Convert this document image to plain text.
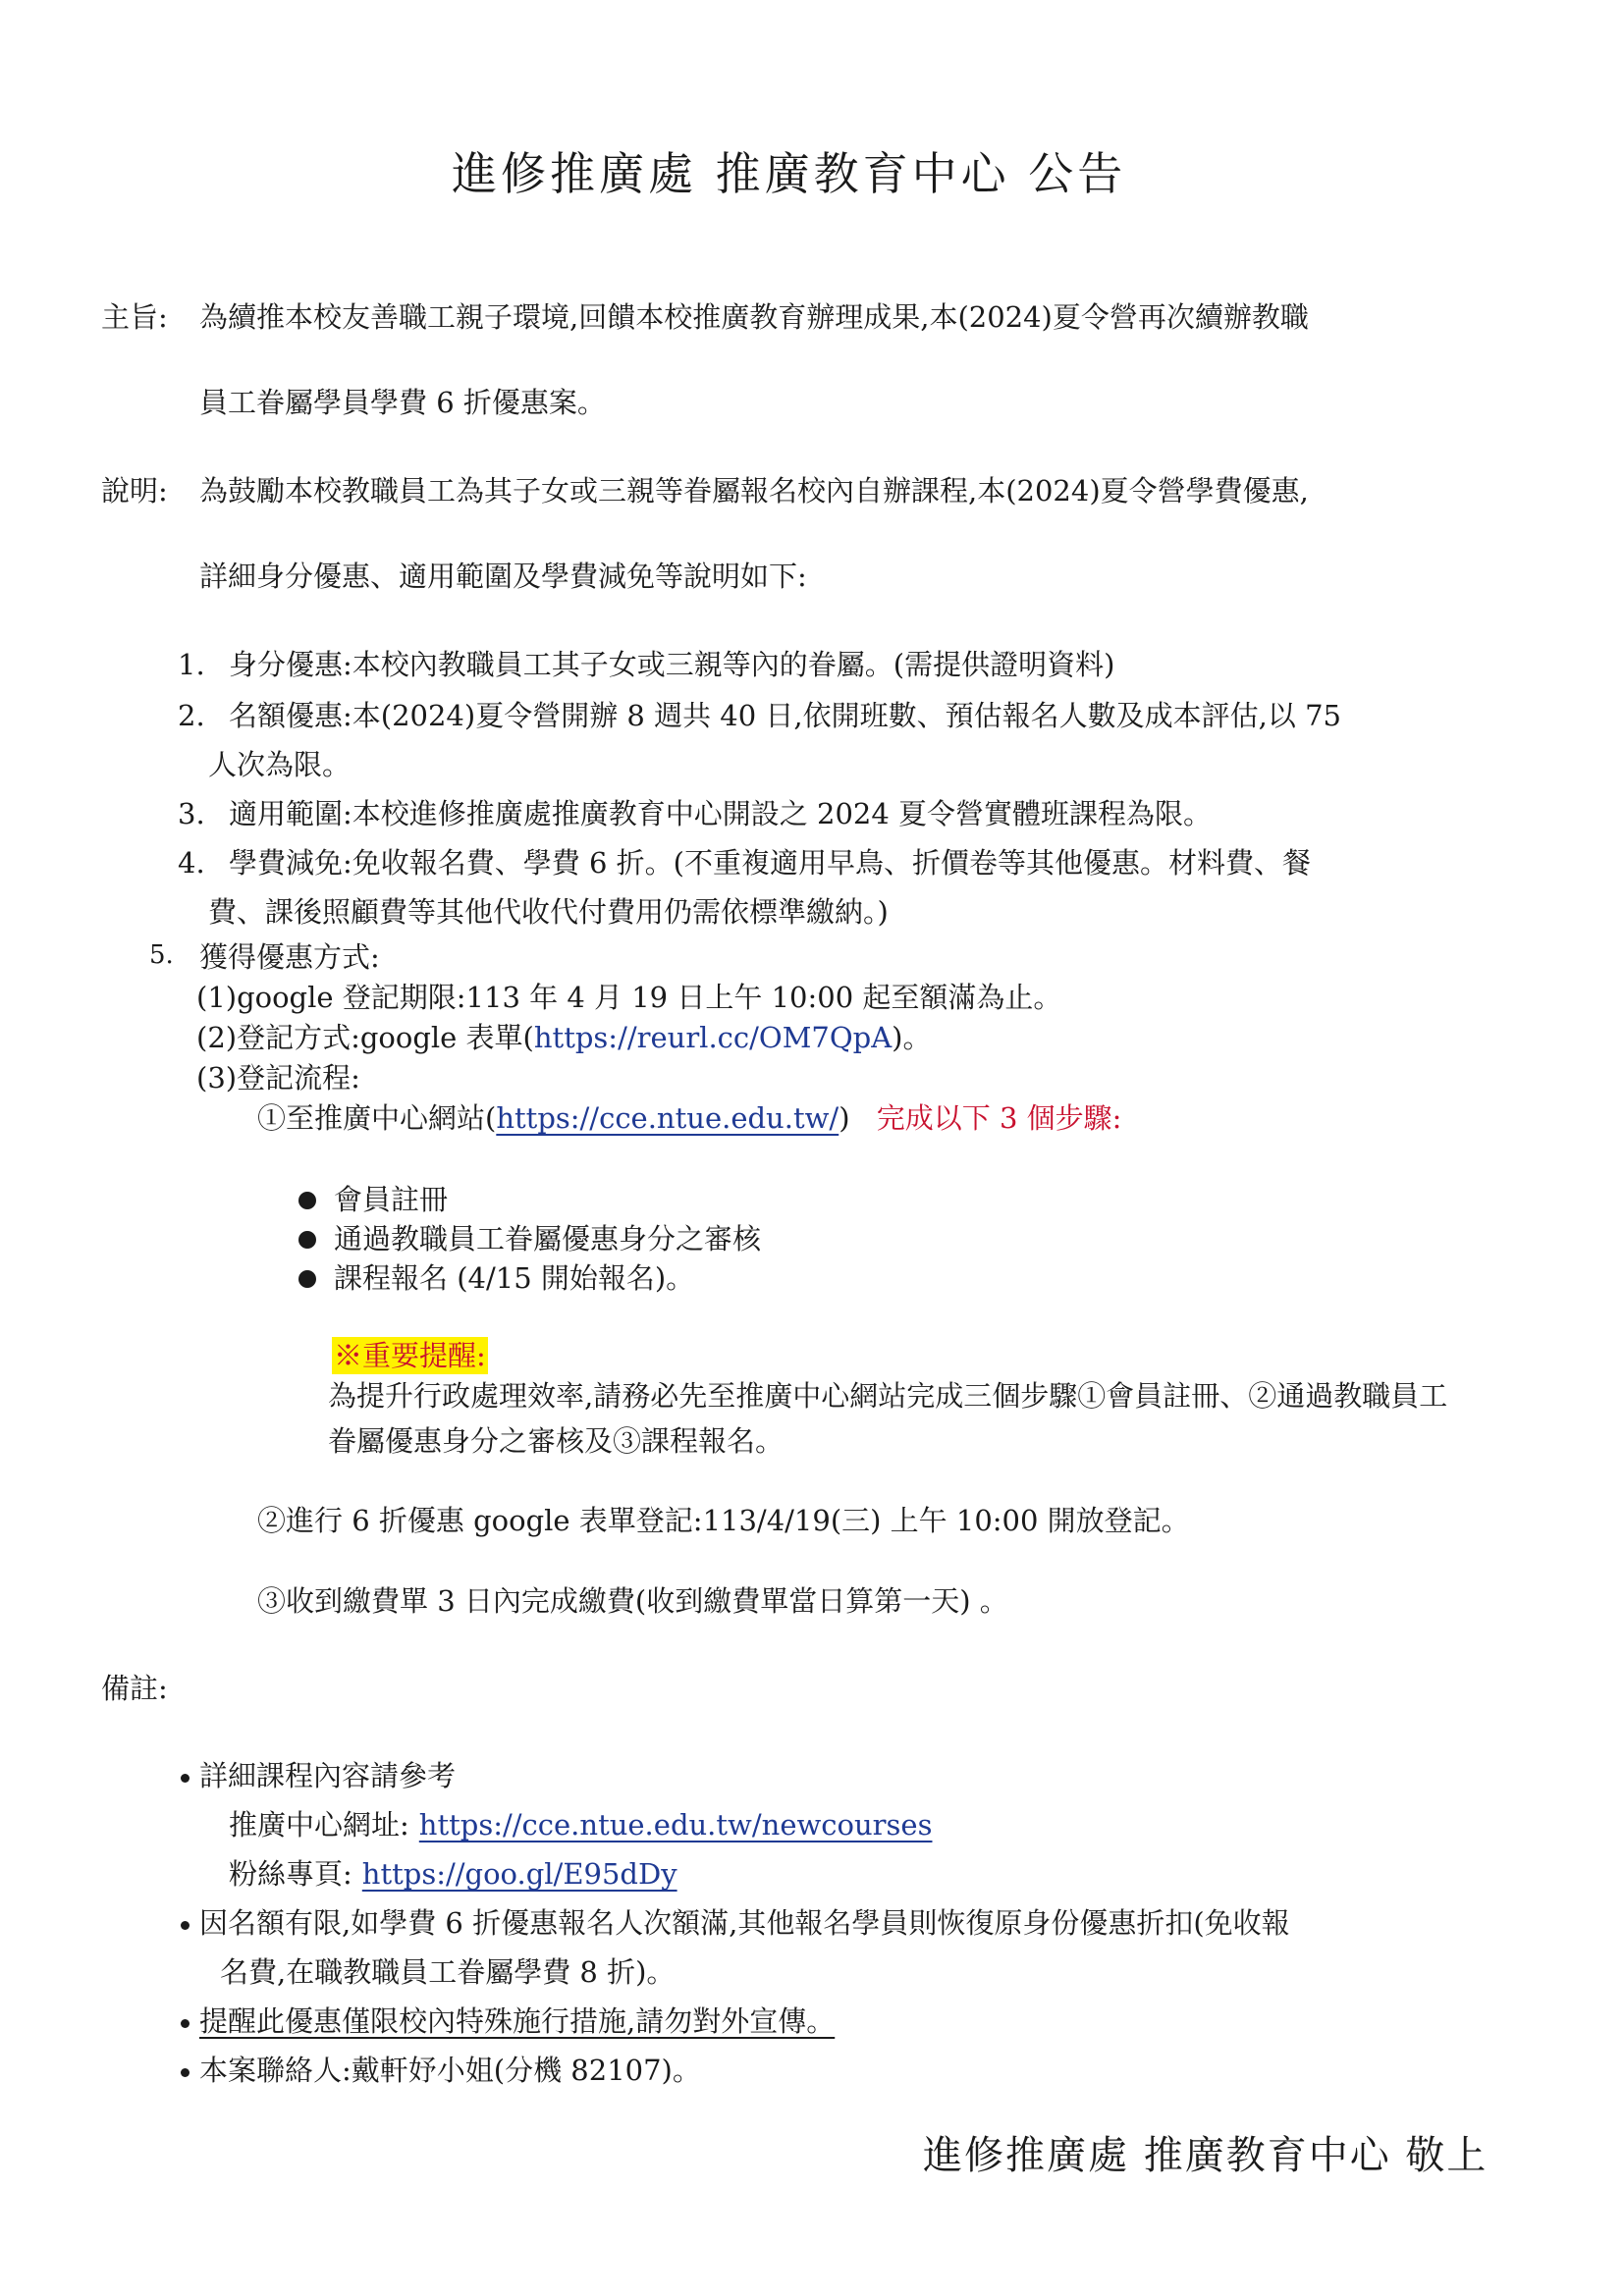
進修推廣處 推廣教育中心 公告
主旨: 為續推本校友善職工親子環境,回饋本校推廣教育辦理成果,本(2024)夏令營再次續辦教職
員工眷屬學員學費 6 折優惠案。
說明: 為鼓勵本校教職員工為其子女或三親等眷屬報名校內自辦課程,本(2024)夏令營學費優惠,
詳細身分優惠、適用範圍及學費減免等說明如下:
1. 身分優惠:本校內教職員工其子女或三親等內的眷屬。(需提供證明資料)
2. 名額優惠:本(2024)夏令營開辦 8 週共 40 日,依開班數、預估報名人數及成本評估,以 75
人次為限。
3. 適用範圍:本校進修推廣處推廣教育中心開設之 2024 夏令營實體班課程為限。
4. 學費減免:免收報名費、學費 6 折。(不重複適用早鳥、折價卷等其他優惠。材料費、餐
費、課後照顧費等其他代收代付費用仍需依標準繳納。)
5. 獲得優惠方式:
(1)google 登記期限:113 年 4 月 19 日上午 10:00 起至額滿為止。
(2)登記方式:google 表單(https://reurl.cc/OM7QpA)。
(3)登記流程:
①至推廣中心網站(https://cce.ntue.edu.tw/) 完成以下 3 個步驟:
會員註冊
通過教職員工眷屬優惠身分之審核
課程報名 (4/15 開始報名)。
※重要提醒:
為提升行政處理效率,請務必先至推廣中心網站完成三個步驟①會員註冊、②通過教職員工
眷屬優惠身分之審核及③課程報名。
②進行 6 折優惠 google 表單登記:113/4/19(三) 上午 10:00 開放登記。
③收到繳費單 3 日內完成繳費(收到繳費單當日算第一天) 。
備註:
詳細課程內容請參考
推廣中心網址: https://cce.ntue.edu.tw/newcourses
粉絲專頁: https://goo.gl/E95dDy
因名額有限,如學費 6 折優惠報名人次額滿,其他報名學員則恢復原身份優惠折扣(免收報
名費,在職教職員工眷屬學費 8 折)。
提醒此優惠僅限校內特殊施行措施,請勿對外宣傳。
本案聯絡人:戴軒妤小姐(分機 82107)。
進修推廣處 推廣教育中心 敬上
